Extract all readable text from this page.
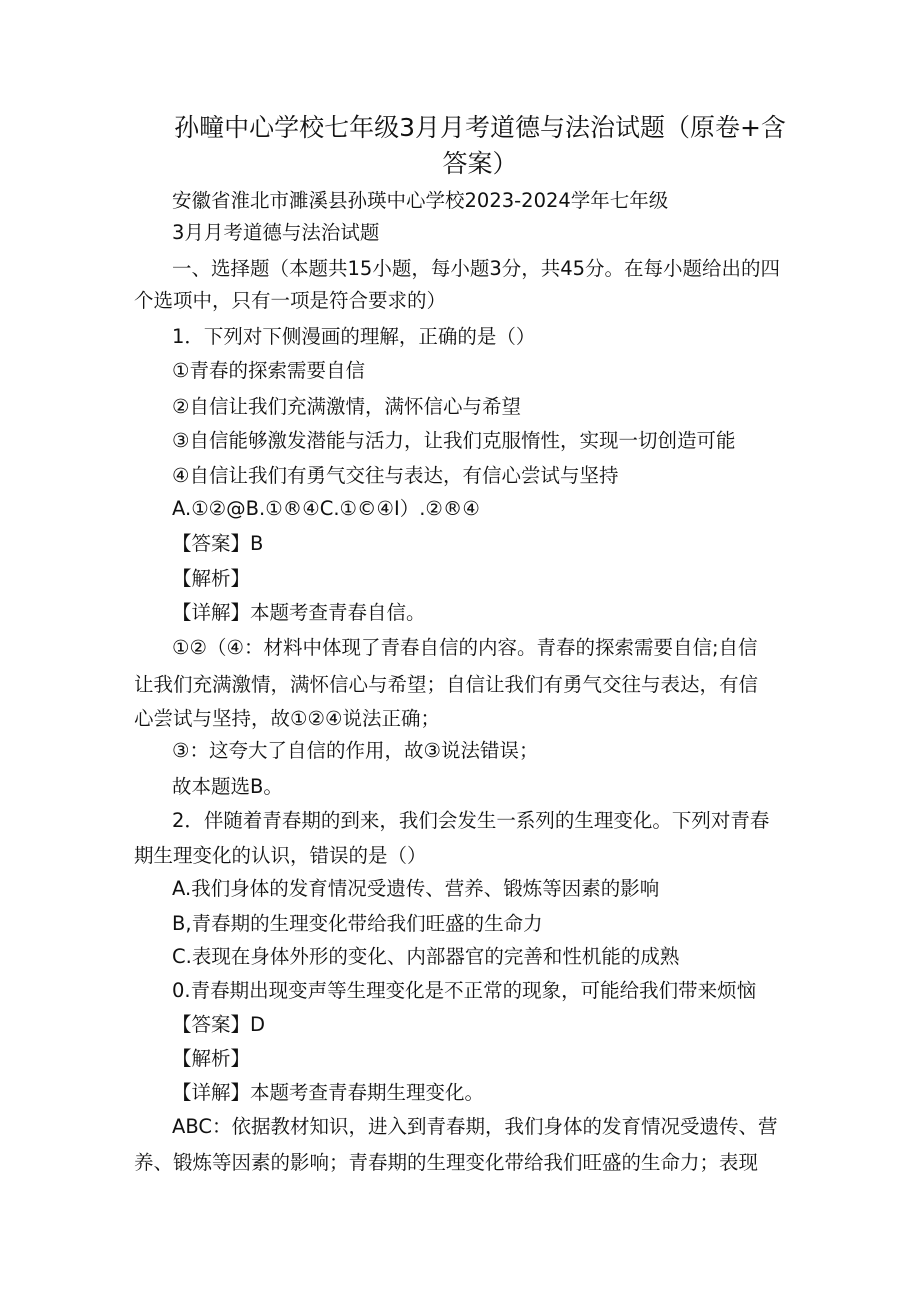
孙疃中心学校七年级3月月考道德与法治试题（原卷+含
答案）
安徽省淮北市濉溪县孙瑛中心学校2023-2024学年七年级
3月月考道德与法治试题
一、选择题（本题共15小题，每小题3分，共45分。在每小题给出的四
个选项中，只有一项是符合要求的）
1．下列对下侧漫画的理解，正确的是（）
①青春的探索需要自信
②自信让我们充满激情，满怀信心与希望
③自信能够激发潜能与活力，让我们克服惰性，实现一切创造可能
④自信让我们有勇气交往与表达，有信心尝试与坚持
A.①②@B.①®④C.①©④I）.②®④
【答案】B
【解析】
【详解】本题考查青春自信。
①②（④：材料中体现了青春自信的内容。青春的探索需要自信;自信
让我们充满激情，满怀信心与希望；自信让我们有勇气交往与表达，有信
心尝试与坚持，故①②④说法正确；
③：这夸大了自信的作用，故③说法错误；
故本题选B。
2．伴随着青春期的到来，我们会发生一系列的生理变化。下列对青春
期生理变化的认识，错误的是（）
A.我们身体的发育情况受遗传、营养、锻炼等因素的影响
B,青春期的生理变化带给我们旺盛的生命力
C.表现在身体外形的变化、内部器官的完善和性机能的成熟
0.青春期出现变声等生理变化是不正常的现象，可能给我们带来烦恼
【答案】D
【解析】
【详解】本题考查青春期生理变化。
ABC：依据教材知识，进入到青春期，我们身体的发育情况受遗传、营
养、锻炼等因素的影响；青春期的生理变化带给我们旺盛的生命力；表现
